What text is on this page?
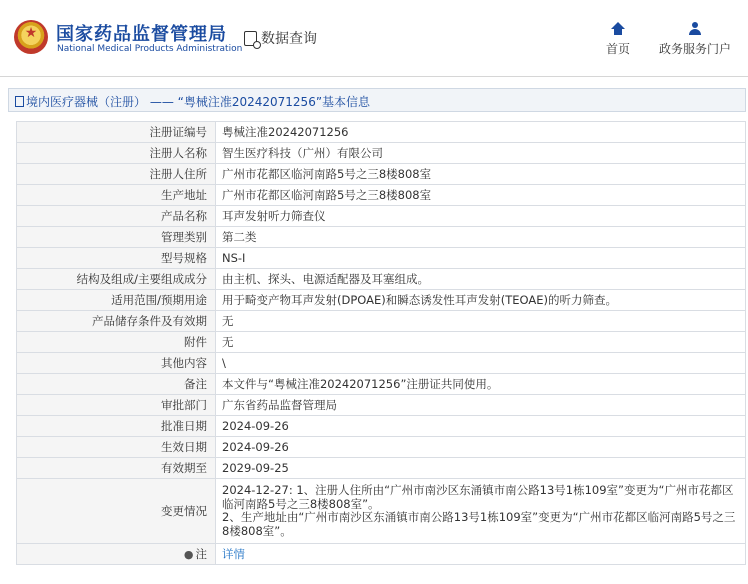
★
国家药品监督管理局
National Medical Products Administration
数据查询
首页 政务服务门户
境内医疗器械（注册） —— “粤械注准20242071256”基本信息
注册证编号	粤械注准20242071256
注册人名称	智生医疗科技（广州）有限公司
注册人住所	广州市花都区临河南路5号之三8楼808室
生产地址	广州市花都区临河南路5号之三8楼808室
产品名称	耳声发射听力筛查仪
管理类别	第二类
型号规格	NS-I
结构及组成/主要组成成分	由主机、探头、电源适配器及耳塞组成。
适用范围/预期用途	用于畸变产物耳声发射(DPOAE)和瞬态诱发性耳声发射(TEOAE)的听力筛查。
产品储存条件及有效期	无
附件	无
其他内容	\
备注	本文件与“粤械注准20242071256”注册证共同使用。
审批部门	广东省药品监督管理局
批准日期	2024-09-26
生效日期	2024-09-26
有效期至	2029-09-25
变更情况	2024-12-27: 1、注册人住所由“广州市南沙区东涌镇市南公路13号1栋109室”变更为“广州市花都区临河南路5号之三8楼808室”。
2、生产地址由“广州市南沙区东涌镇市南公路13号1栋109室”变更为“广州市花都区临河南路5号之三8楼808室”。

● 注	详情
